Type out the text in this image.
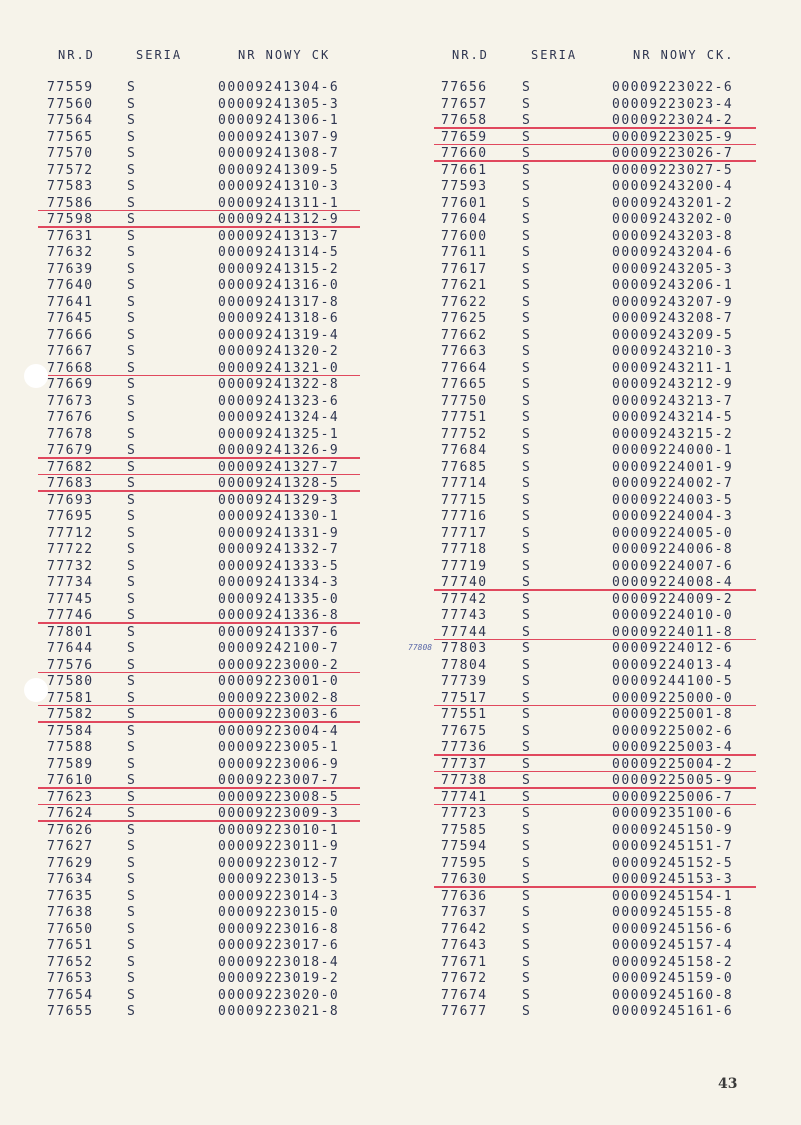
NR.D	SERIA	NR NOWY CK
77559	S	00009241304-6
77560	S	00009241305-3
77564	S	00009241306-1
77565	S	00009241307-9
77570	S	00009241308-7
77572	S	00009241309-5
77583	S	00009241310-3
77586	S	00009241311-1
77598	S	00009241312-9
77631	S	00009241313-7
77632	S	00009241314-5
77639	S	00009241315-2
77640	S	00009241316-0
77641	S	00009241317-8
77645	S	00009241318-6
77666	S	00009241319-4
77667	S	00009241320-2
77668	S	00009241321-0
77669	S	00009241322-8
77673	S	00009241323-6
77676	S	00009241324-4
77678	S	00009241325-1
77679	S	00009241326-9
77682	S	00009241327-7
77683	S	00009241328-5
77693	S	00009241329-3
77695	S	00009241330-1
77712	S	00009241331-9
77722	S	00009241332-7
77732	S	00009241333-5
77734	S	00009241334-3
77745	S	00009241335-0
77746	S	00009241336-8
77801	S	00009241337-6
77644	S	00009242100-7
77576	S	00009223000-2
77580	S	00009223001-0
77581	S	00009223002-8
77582	S	00009223003-6
77584	S	00009223004-4
77588	S	00009223005-1
77589	S	00009223006-9
77610	S	00009223007-7
77623	S	00009223008-5
77624	S	00009223009-3
77626	S	00009223010-1
77627	S	00009223011-9
77629	S	00009223012-7
77634	S	00009223013-5
77635	S	00009223014-3
77638	S	00009223015-0
77650	S	00009223016-8
77651	S	00009223017-6
77652	S	00009223018-4
77653	S	00009223019-2
77654	S	00009223020-0
77655	S	00009223021-8
NR.D	SERIA	NR NOWY CK.
77656	S	00009223022-6
77657	S	00009223023-4
77658	S	00009223024-2
77659	S	00009223025-9
77660	S	00009223026-7
77661	S	00009223027-5
77593	S	00009243200-4
77601	S	00009243201-2
77604	S	00009243202-0
77600	S	00009243203-8
77611	S	00009243204-6
77617	S	00009243205-3
77621	S	00009243206-1
77622	S	00009243207-9
77625	S	00009243208-7
77662	S	00009243209-5
77663	S	00009243210-3
77664	S	00009243211-1
77665	S	00009243212-9
77750	S	00009243213-7
77751	S	00009243214-5
77752	S	00009243215-2
77684	S	00009224000-1
77685	S	00009224001-9
77714	S	00009224002-7
77715	S	00009224003-5
77716	S	00009224004-3
77717	S	00009224005-0
77718	S	00009224006-8
77719	S	00009224007-6
77740	S	00009224008-4
77742	S	00009224009-2
77743	S	00009224010-0
77744	S	00009224011-8
77803	S	00009224012-6
77804	S	00009224013-4
77739	S	00009244100-5
77517	S	00009225000-0
77551	S	00009225001-8
77675	S	00009225002-6
77736	S	00009225003-4
77737	S	00009225004-2
77738	S	00009225005-9
77741	S	00009225006-7
77723	S	00009235100-6
77585	S	00009245150-9
77594	S	00009245151-7
77595	S	00009245152-5
77630	S	00009245153-3
77636	S	00009245154-1
77637	S	00009245155-8
77642	S	00009245156-6
77643	S	00009245157-4
77671	S	00009245158-2
77672	S	00009245159-0
77674	S	00009245160-8
77677	S	00009245161-6
77808
43
